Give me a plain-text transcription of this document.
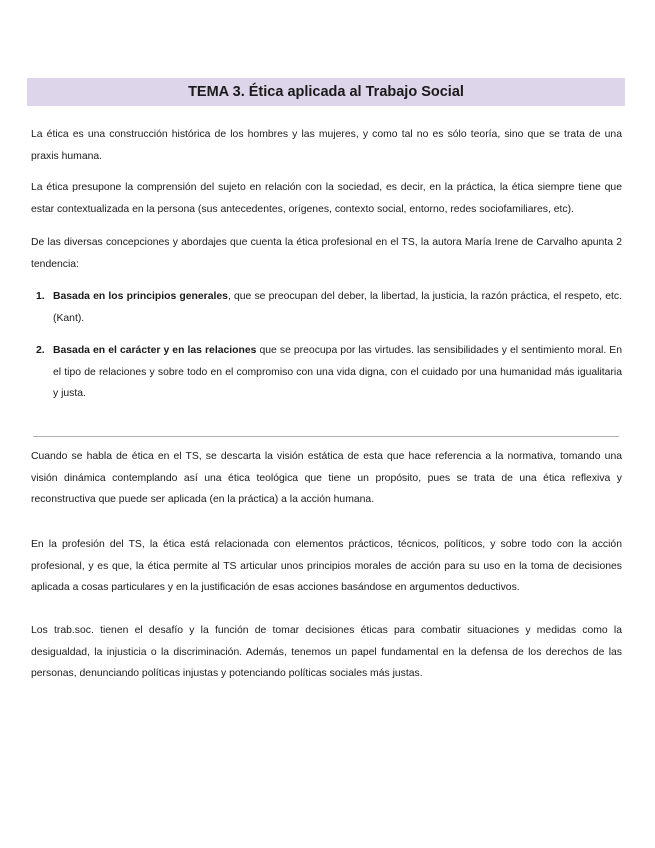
TEMA 3. Ética aplicada al Trabajo Social

La ética es una construcción histórica de los hombres y las mujeres, y como tal no es sólo teoría, sino que se trata de una praxis humana.

La ética presupone la comprensión del sujeto en relación con la sociedad, es decir, en la práctica, la ética siempre tiene que estar contextualizada en la persona (sus antecedentes, orígenes, contexto social, entorno, redes sociofamiliares, etc).

De las diversas concepciones y abordajes que cuenta la ética profesional en el TS, la autora María Irene de Carvalho apunta 2 tendencia:

1. Basada en los principios generales, que se preocupan del deber, la libertad, la justicia, la razón práctica, el respeto, etc. (Kant).
2. Basada en el carácter y en las relaciones que se preocupa por las virtudes. las sensibilidades y el sentimiento moral. En el tipo de relaciones y sobre todo en el compromiso con una vida digna, con el cuidado por una humanidad más igualitaria y justa.

Cuando se habla de ética en el TS, se descarta la visión estática de esta que hace referencia a la normativa, tomando una visión dinámica contemplando así una ética teológica que tiene un propósito, pues se trata de una ética reflexiva y reconstructiva que puede ser aplicada (en la práctica) a la acción humana.

En la profesión del TS, la ética está relacionada con elementos prácticos, técnicos, políticos, y sobre todo con la acción profesional, y es que, la ética permite al TS articular unos principios morales de acción para su uso en la toma de decisiones aplicada a cosas particulares y en la justificación de esas acciones basándose en argumentos deductivos.

Los trab.soc. tienen el desafío y la función de tomar decisiones éticas para combatir situaciones y medidas como la desigualdad, la injusticia o la discriminación. Además, tenemos un papel fundamental en la defensa de los derechos de las personas, denunciando políticas injustas y potenciando políticas sociales más justas.
